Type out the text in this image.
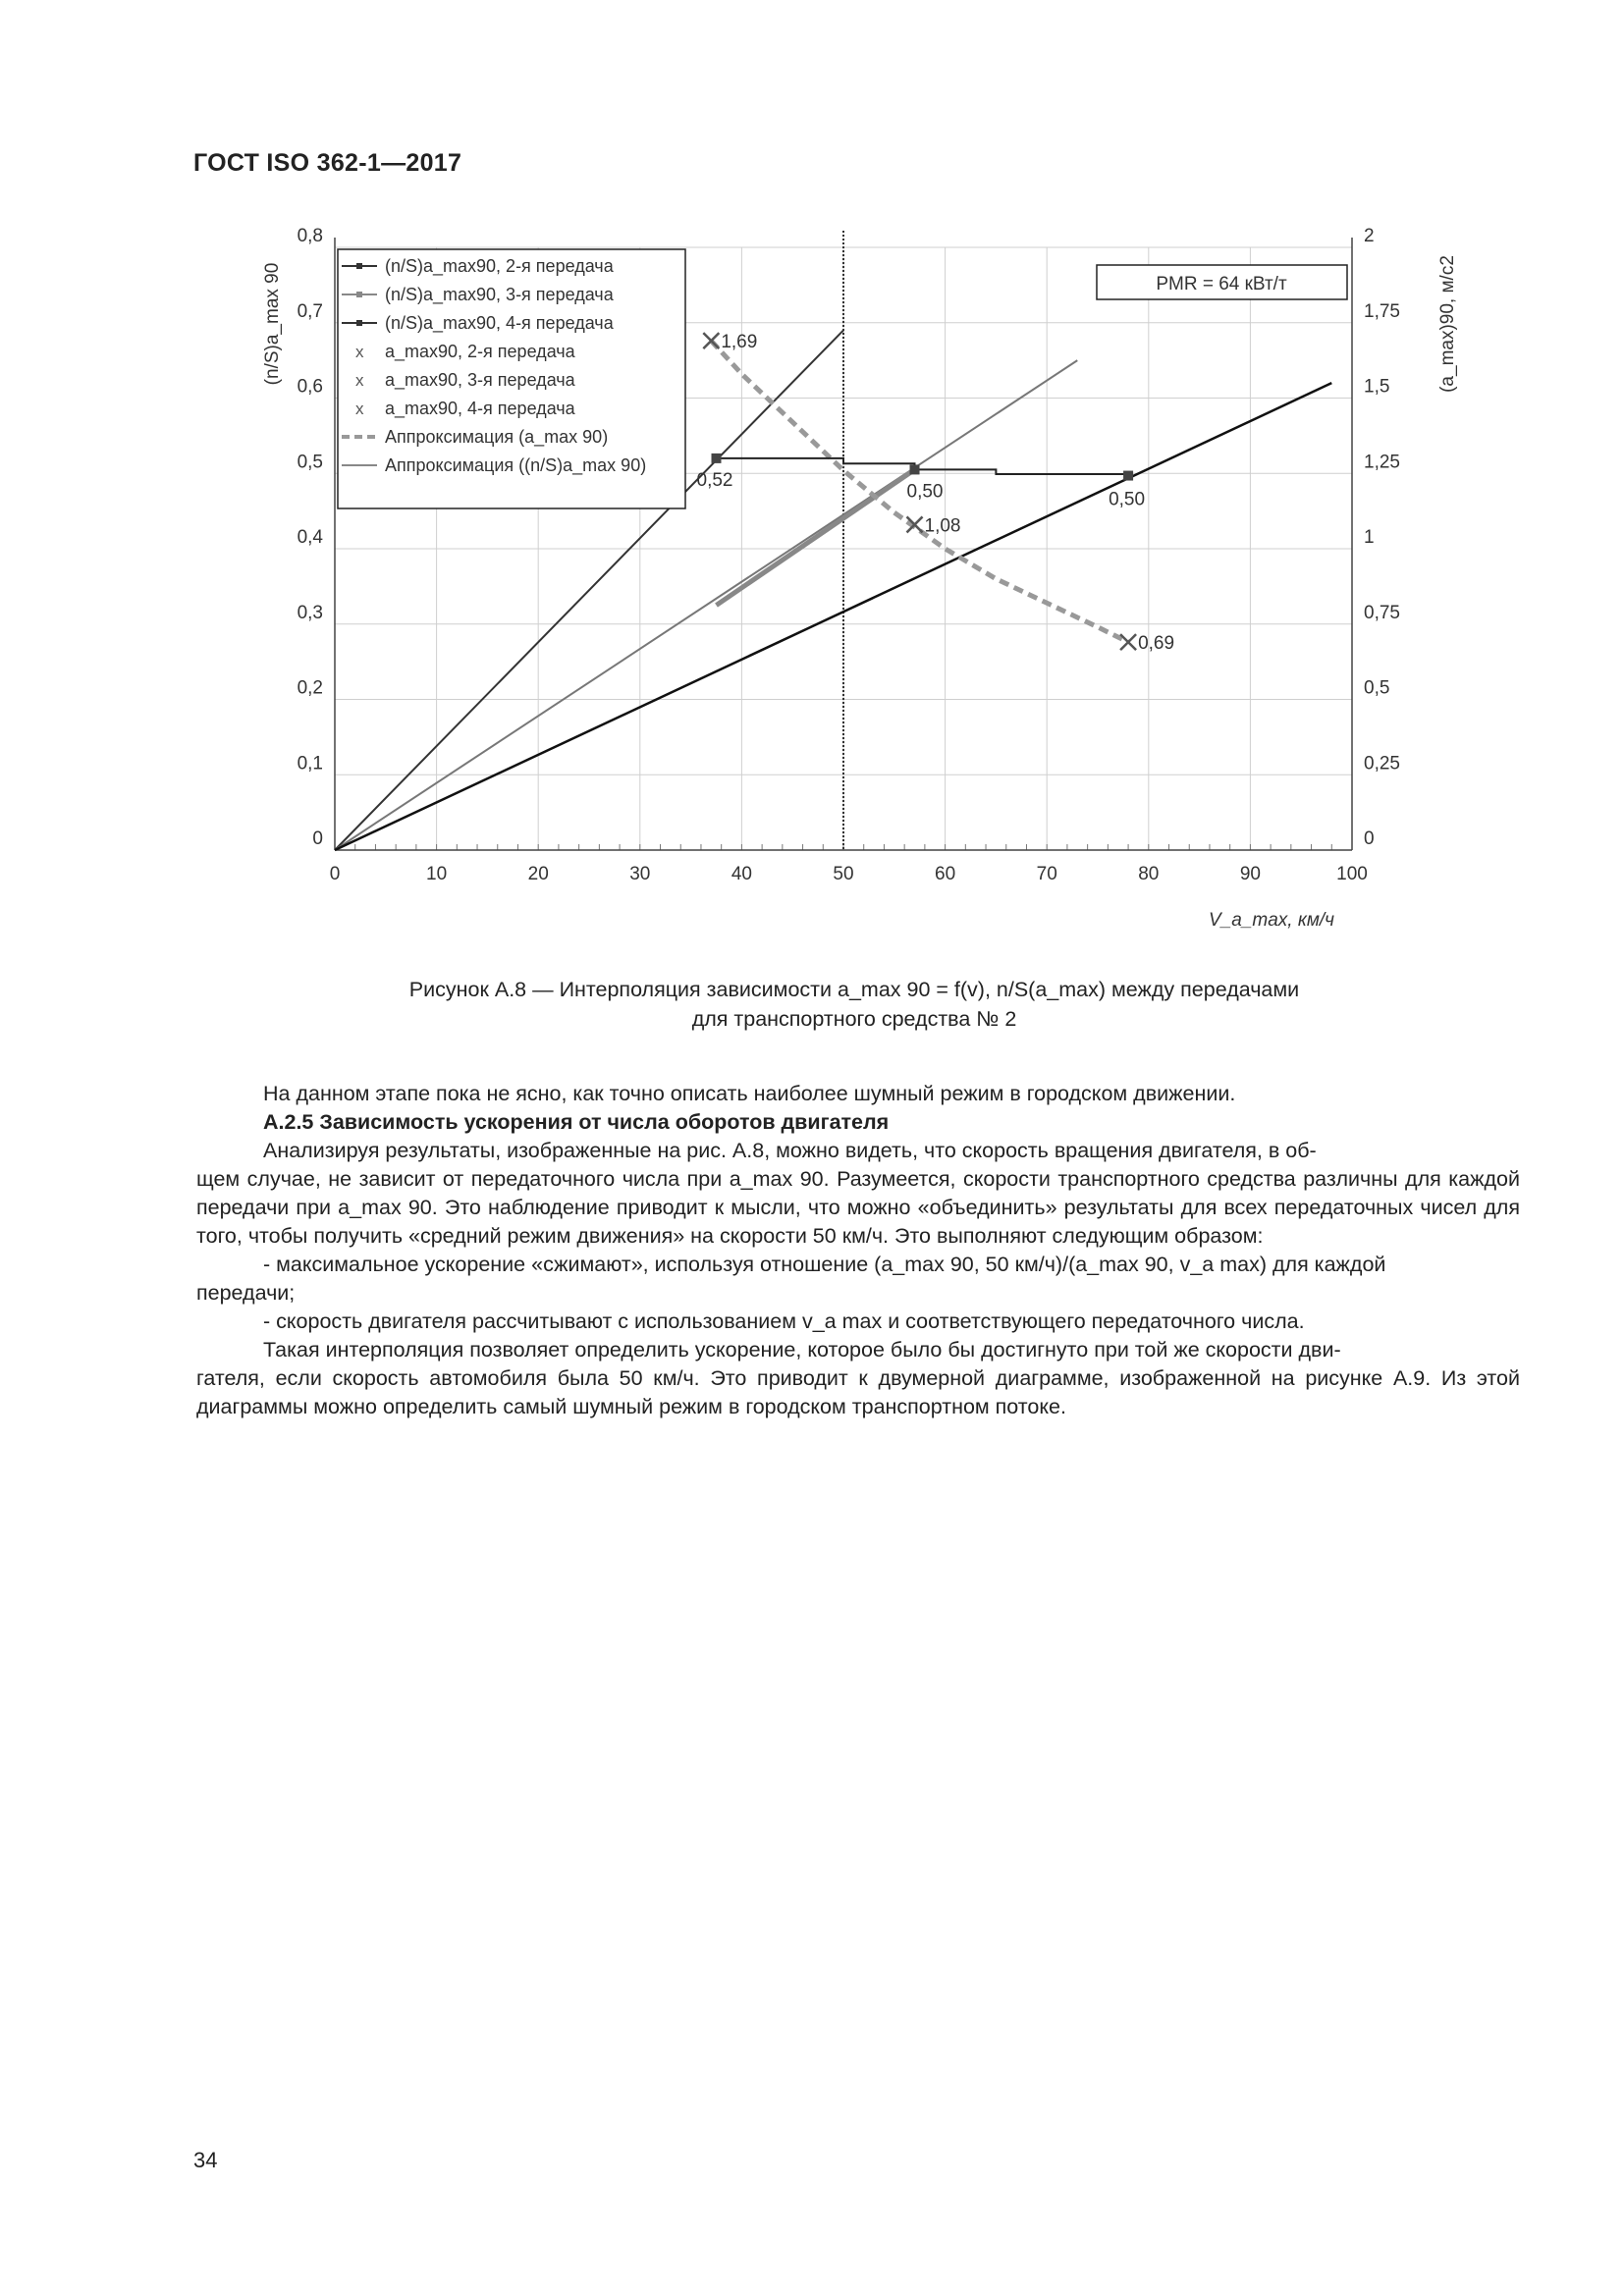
ГОСТ ISO 362-1—2017
0	10	20	30	40	50	60	70	80	90	100
0
0,1
0,2
0,3
0,4
0,5
0,6
0,7
0,8
0
0,25
0,5
0,75
1
1,25
1,5
1,75
2
V_a_max, км/ч
(n/S)a_max 90	(a_max)90, м/с2
0,52
0,50	0,50
1,69
1,08
0,69
PMR = 64 кВт/т
(n/S)a_max90, 2-я передача
(n/S)a_max90, 3-я передача
(n/S)a_max90, 4-я передача
x a_max90, 2-я передача
x a_max90, 3-я передача
x a_max90, 4-я передача
Аппроксимация (a_max 90)
Аппроксимация ((n/S)a_max 90)
Рисунок А.8 — Интерполяция зависимости a_max 90 = f(v), n/S(a_max) между передачами
для транспортного средства № 2

На данном этапе пока не ясно, как точно описать наиболее шумный режим в городском движении.

А.2.5 Зависимость ускорения от числа оборотов двигателя

Анализируя результаты, изображенные на рис. А.8, можно видеть, что скорость вращения двигателя, в об-

щем случае, не зависит от передаточного числа при a_max 90. Разумеется, скорости транспортного средства различны для каждой передачи при a_max 90. Это наблюдение приводит к мысли, что можно «объединить» результаты для всех передаточных чисел для того, чтобы получить «средний режим движения» на скорости 50 км/ч. Это выполняют следующим образом:

- максимальное ускорение «сжимают», используя отношение (a_max 90, 50 км/ч)/(a_max 90, v_a max) для каждой

передачи;

- скорость двигателя рассчитывают с использованием v_a max и соответствующего передаточного числа.

Такая интерполяция позволяет определить ускорение, которое было бы достигнуто при той же скорости дви-

гателя, если скорость автомобиля была 50 км/ч. Это приводит к двумерной диаграмме, изображенной на рисунке А.9. Из этой диаграммы можно определить самый шумный режим в городском транспортном потоке.

34
